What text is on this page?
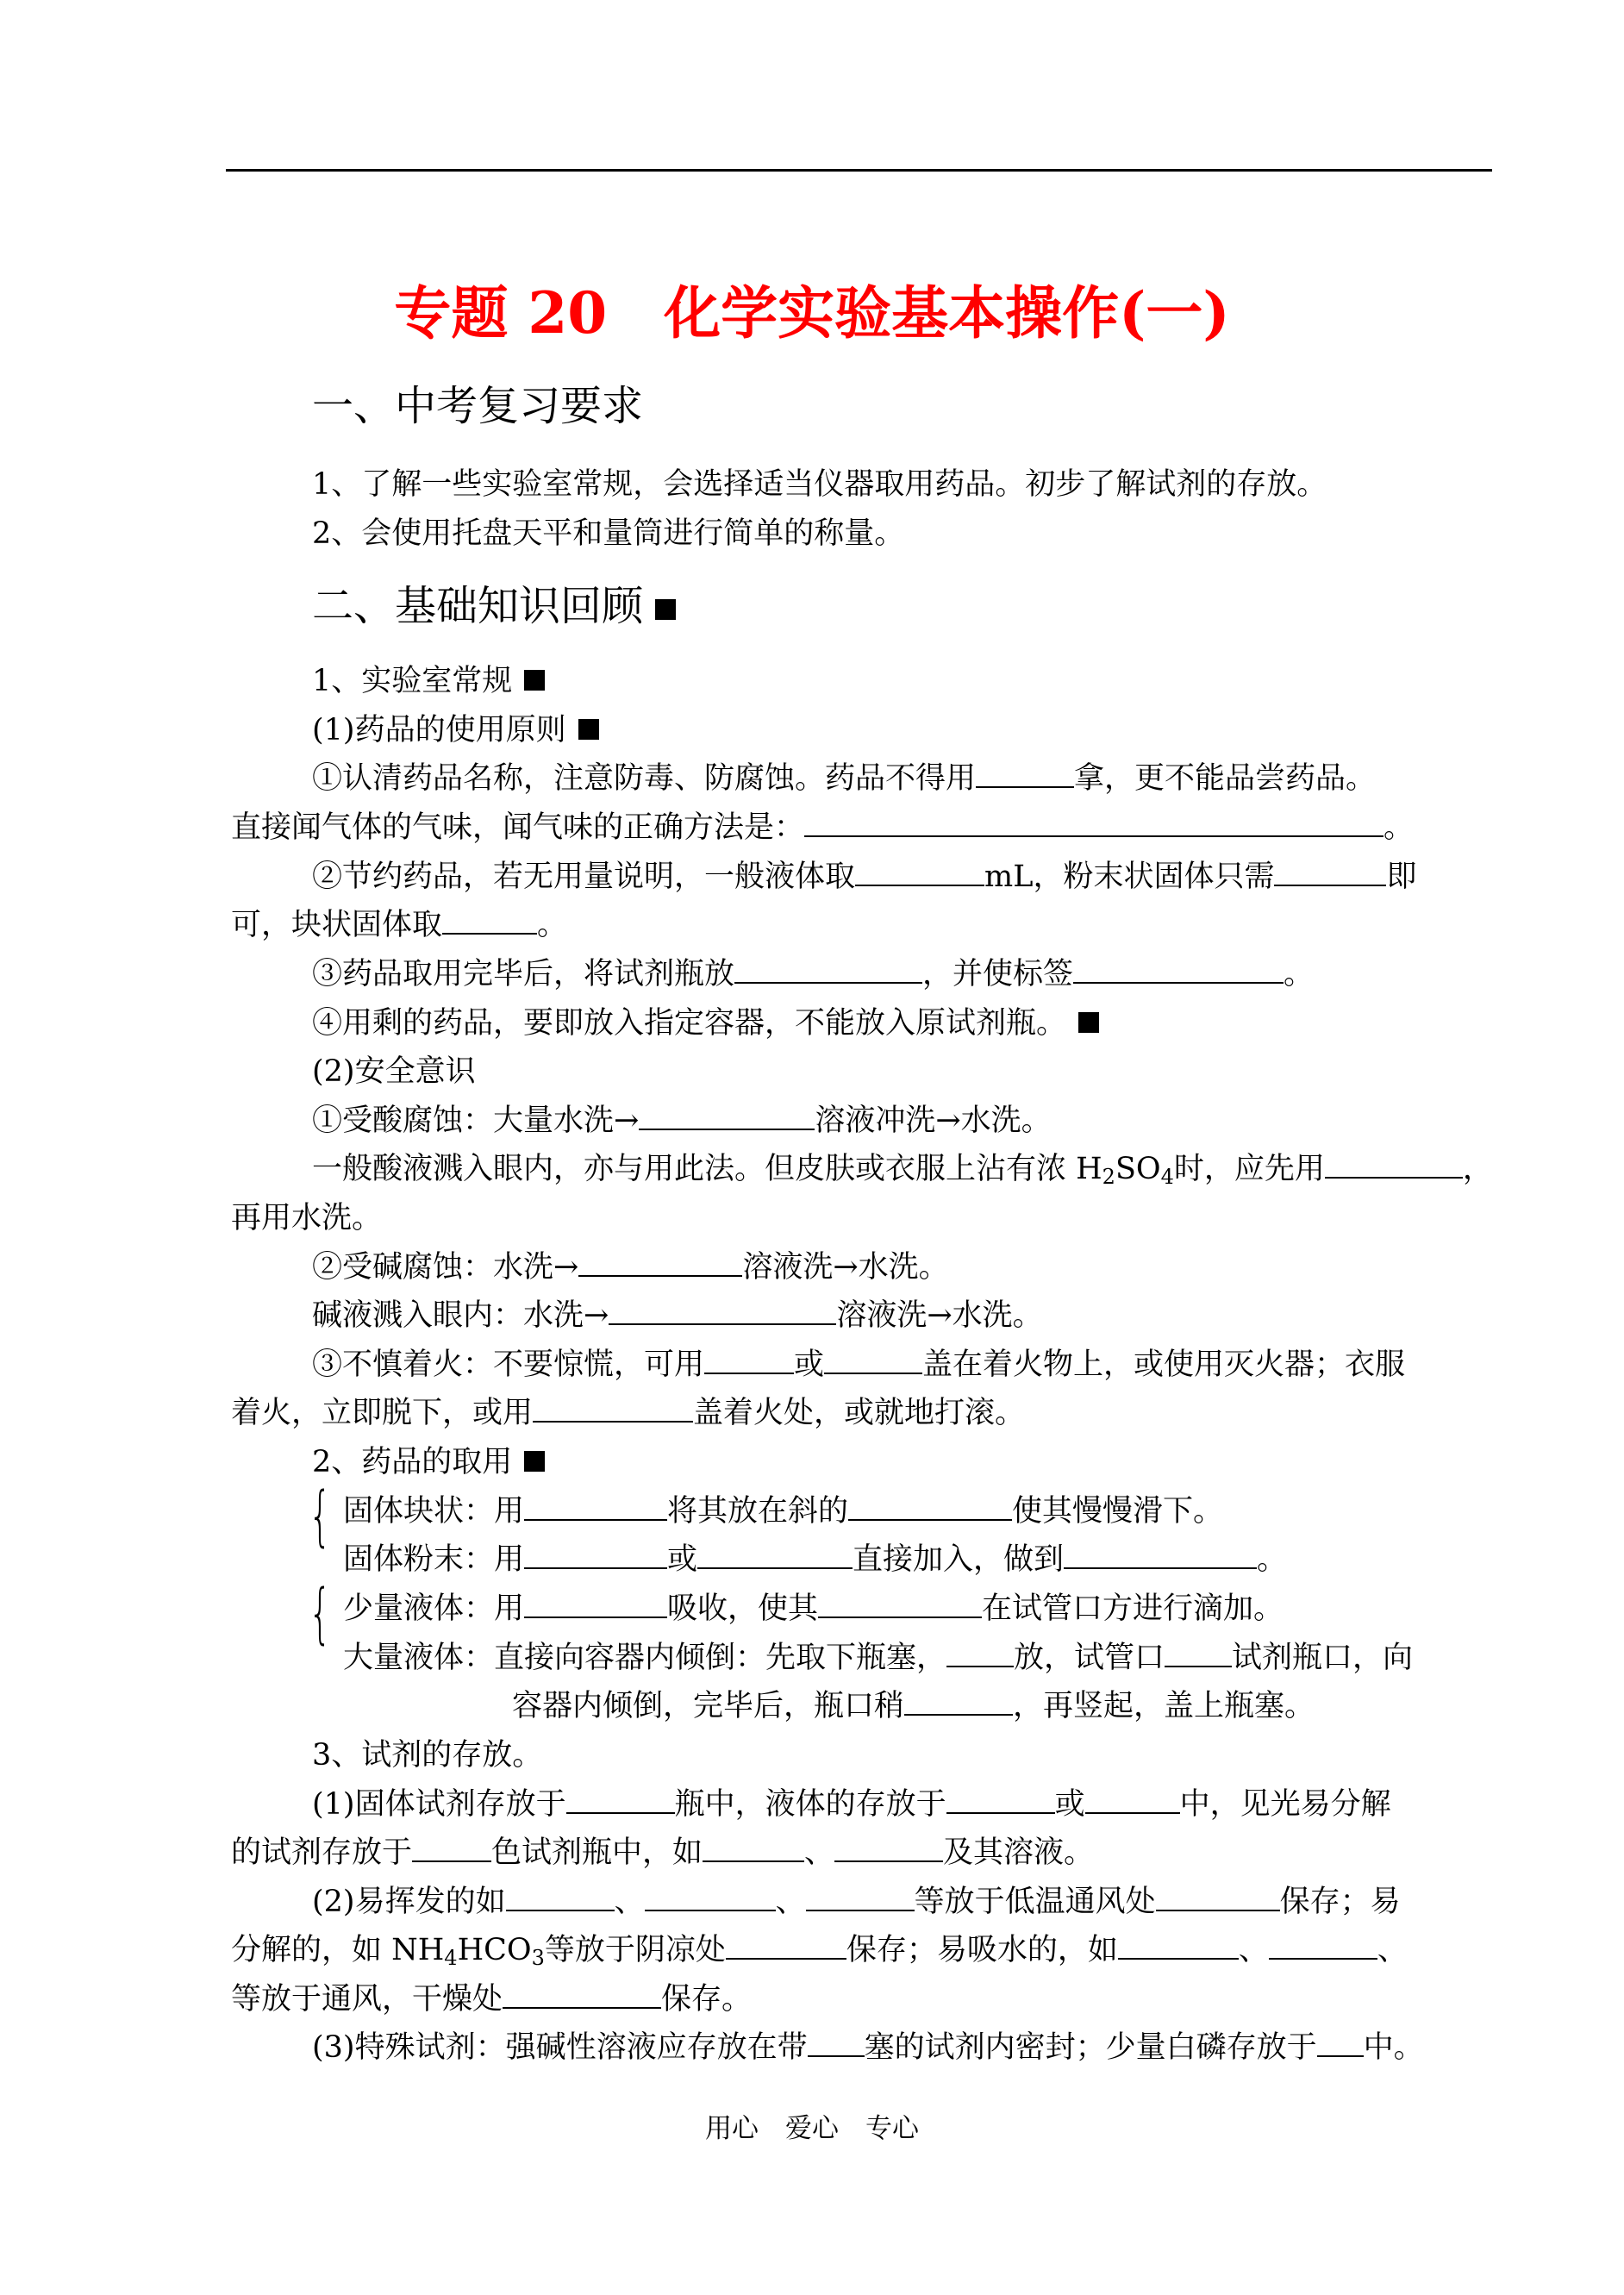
专题 20　化学实验基本操作(一)
一、中考复习要求
1、了解一些实验室常规，会选择适当仪器取用药品。初步了解试剂的存放。
2、会使用托盘天平和量筒进行简单的称量。
二、基础知识回顾
1、实验室常规
(1)药品的使用原则
①认清药品名称，注意防毒、防腐蚀。药品不得用	拿，更不能品尝药品。
直接闻气体的气味，闻气味的正确方法是：	。
②节约药品，若无用量说明，一般液体取	mL，粉末状固体只需	即
可，块状固体取	。
③药品取用完毕后，将试剂瓶放	，并使标签	。
④用剩的药品，要即放入指定容器，不能放入原试剂瓶。
(2)安全意识
①受酸腐蚀：大量水洗→	溶液冲洗→水洗。
一般酸液溅入眼内，亦与用此法。但皮肤或衣服上沾有浓 $H_2SO_4$时，应先用	，
再用水洗。
②受碱腐蚀：水洗→	溶液洗→水洗。
碱液溅入眼内：水洗→	溶液洗→水洗。
③不慎着火：不要惊慌，可用	或	盖在着火物上，或使用灭火器；衣服
着火，立即脱下，或用	盖着火处，或就地打滚。
2、药品的取用
{ 固体块状：用	将其放在斜的	使其慢慢滑下。
固体粉末：用	或	直接加入，做到	。
{ 少量液体：用	吸收，使其	在试管口方进行滴加。
大量液体：直接向容器内倾倒：先取下瓶塞， 放，试管口 试剂瓶口，向
容器内倾倒，完毕后，瓶口稍	，再竖起，盖上瓶塞。
3、试剂的存放。
(1)固体试剂存放于	瓶中，液体的存放于	或	中，见光易分解
的试剂存放于	色试剂瓶中，如	、	及其溶液。
(2)易挥发的如	、	、	等放于低温通风处	保存；易
分解的，如 $NH_4HCO_3$等放于阴凉处	保存；易吸水的，如	、	、
等放于通风，干燥处	保存。
(3)特殊试剂：强碱性溶液应存放在带 塞的试剂内密封；少量白磷存放于 中。
用心　爱心　专心
